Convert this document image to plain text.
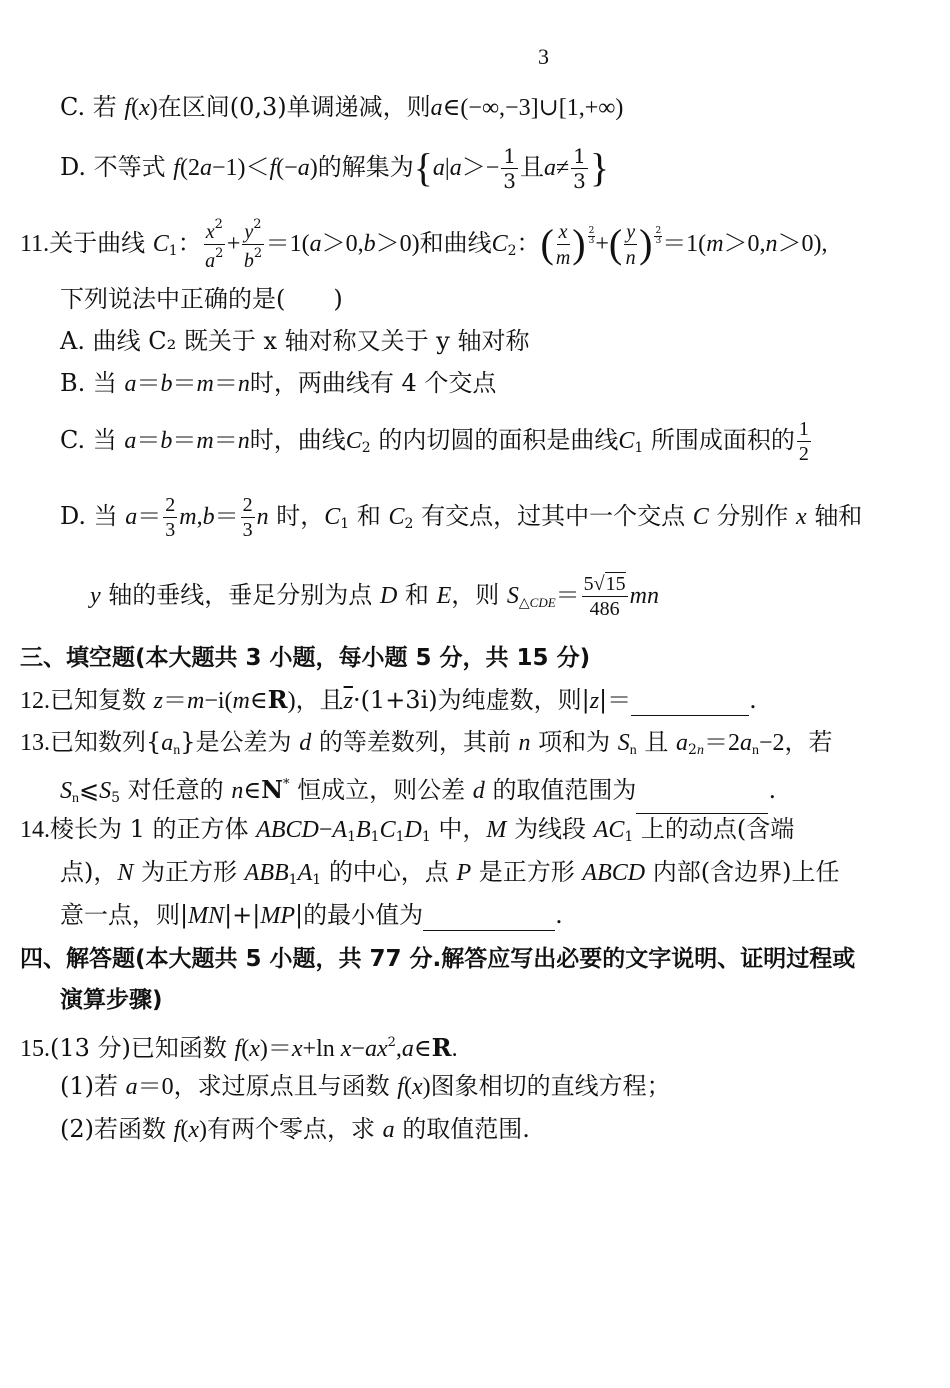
3
C. 若 f(x)在区间(0,3)单调递减，则a∈(−∞,−3]∪[1,+∞)
D. 不等式 f(2a−1)＜f(−a)的解集为{$a|a>- \frac{1}{3}$ 且$a\ne \frac{1}{3}$ }
11.关于曲线 $C_1$： $\frac{x^2}{a^2} + \frac{y^2}{b^2} =1(a>0,b>0)$和曲线$C_2$：( $\frac{x}{m}$ ) $\frac{2}{3}$ +( $\frac{y}{n}$ ) $\frac{2}{3} =1(m>0,n>0)$,
下列说法中正确的是(　　)
A. 曲线 C₂ 既关于 x 轴对称又关于 y 轴对称
B. 当 a＝b＝m＝n时，两曲线有 4 个交点
C. 当 a＝b＝m＝n时，曲线$C_2$ 的内切圆的面积是曲线$C_1$ 所围成面积的 $\frac{1}{2}$
D. 当 $a= \frac{2}{3} m,b= \frac{2}{3}$ n 时，$C_1$ 和 $C_2$ 有交点，过其中一个交点 C 分别作 x 轴和
y 轴的垂线，垂足分别为点 D 和 E，则 $S_{\triangle CDE}= \frac{5√15}{486}$ mn
三、填空题(本大题共 3 小题，每小题 5 分，共 15 分)
12.已知复数 z＝m−i(m∈R)，且$\overline{z}\cdot(1+3i)$为纯虚数，则|z|＝	.
13.已知数列$\{a_n\}$是公差为 d 的等差数列，其前 n 项和为 $S_n$ 且 $a_{2n}=2a_n-2$，若
$S_n⩽S_5$ 对任意的 n∈N* 恒成立，则公差 d 的取值范围为	.
14.棱长为 1 的正方体 $ABCD-A_1B_1C_1D_1$ 中，M 为线段 $AC_1$ 上的动点(含端
点)，N 为正方形 $ABB_1A_1$ 的中心，点 P 是正方形 ABCD 内部(含边界)上任
意一点，则|MN|+|MP|的最小值为	.
四、解答题(本大题共 5 小题，共 77 分.解答应写出必要的文字说明、证明过程或
演算步骤)
15.(13 分)已知函数 f(x)＝x+ln $x-ax^2,a\in R$.
(1)若 a＝0，求过原点且与函数 f(x)图象相切的直线方程；
(2)若函数 f(x)有两个零点，求 a 的取值范围.
